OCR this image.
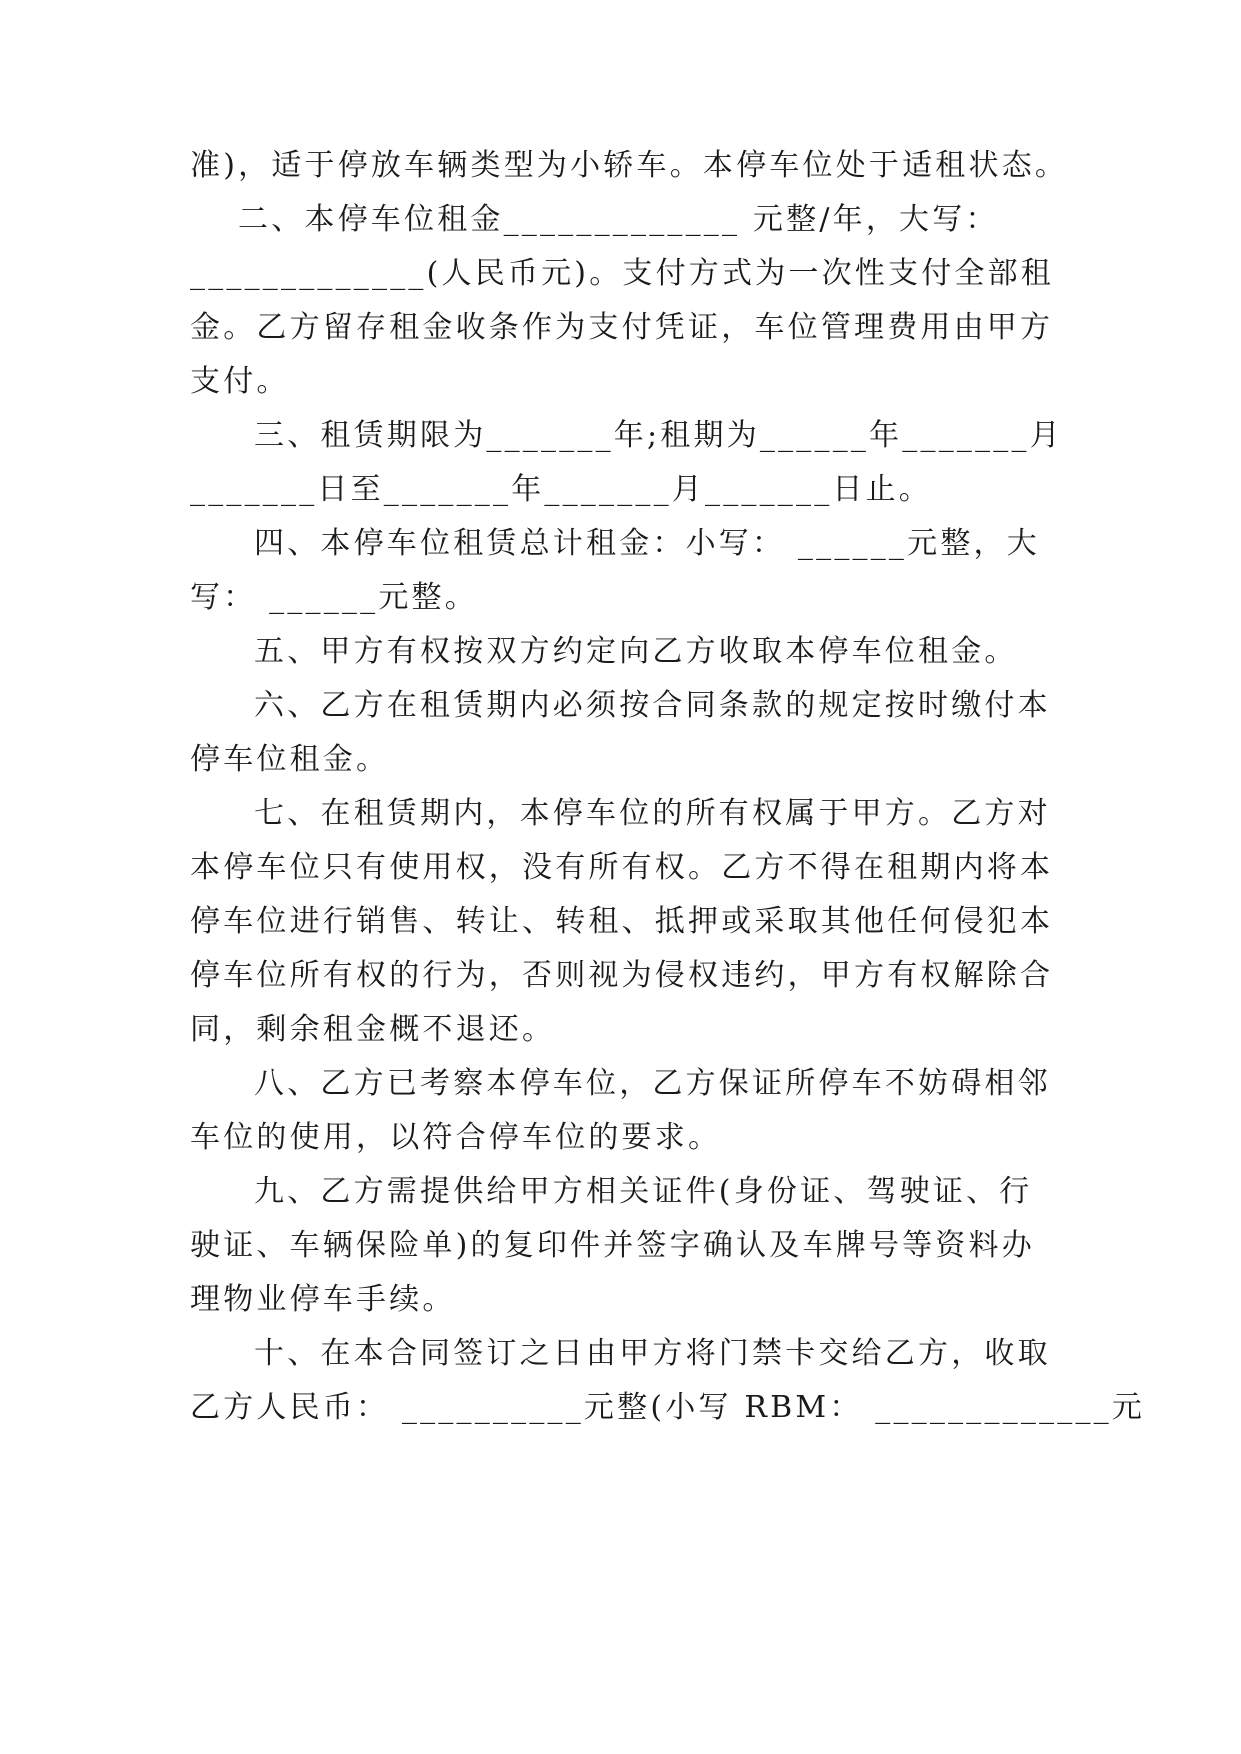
准)，适于停放车辆类型为小轿车。本停车位处于适租状态。
二、本停车位租金_____________ 元整/年，大写：
_____________(人民币元)。支付方式为一次性支付全部租
金。乙方留存租金收条作为支付凭证，车位管理费用由甲方
支付。
三、租赁期限为_______年;租期为______年_______月
_______日至_______年_______月_______日止。
四、本停车位租赁总计租金：小写： ______元整，大
写： ______元整。
五、甲方有权按双方约定向乙方收取本停车位租金。
六、乙方在租赁期内必须按合同条款的规定按时缴付本
停车位租金。
七、在租赁期内，本停车位的所有权属于甲方。乙方对
本停车位只有使用权，没有所有权。乙方不得在租期内将本
停车位进行销售、转让、转租、抵押或采取其他任何侵犯本
停车位所有权的行为，否则视为侵权违约，甲方有权解除合
同，剩余租金概不退还。
八、乙方已考察本停车位，乙方保证所停车不妨碍相邻
车位的使用，以符合停车位的要求。
九、乙方需提供给甲方相关证件(身份证、驾驶证、行
驶证、车辆保险单)的复印件并签字确认及车牌号等资料办
理物业停车手续。
十、在本合同签订之日由甲方将门禁卡交给乙方，收取
乙方人民币： __________元整(小写 RBM： _____________元
